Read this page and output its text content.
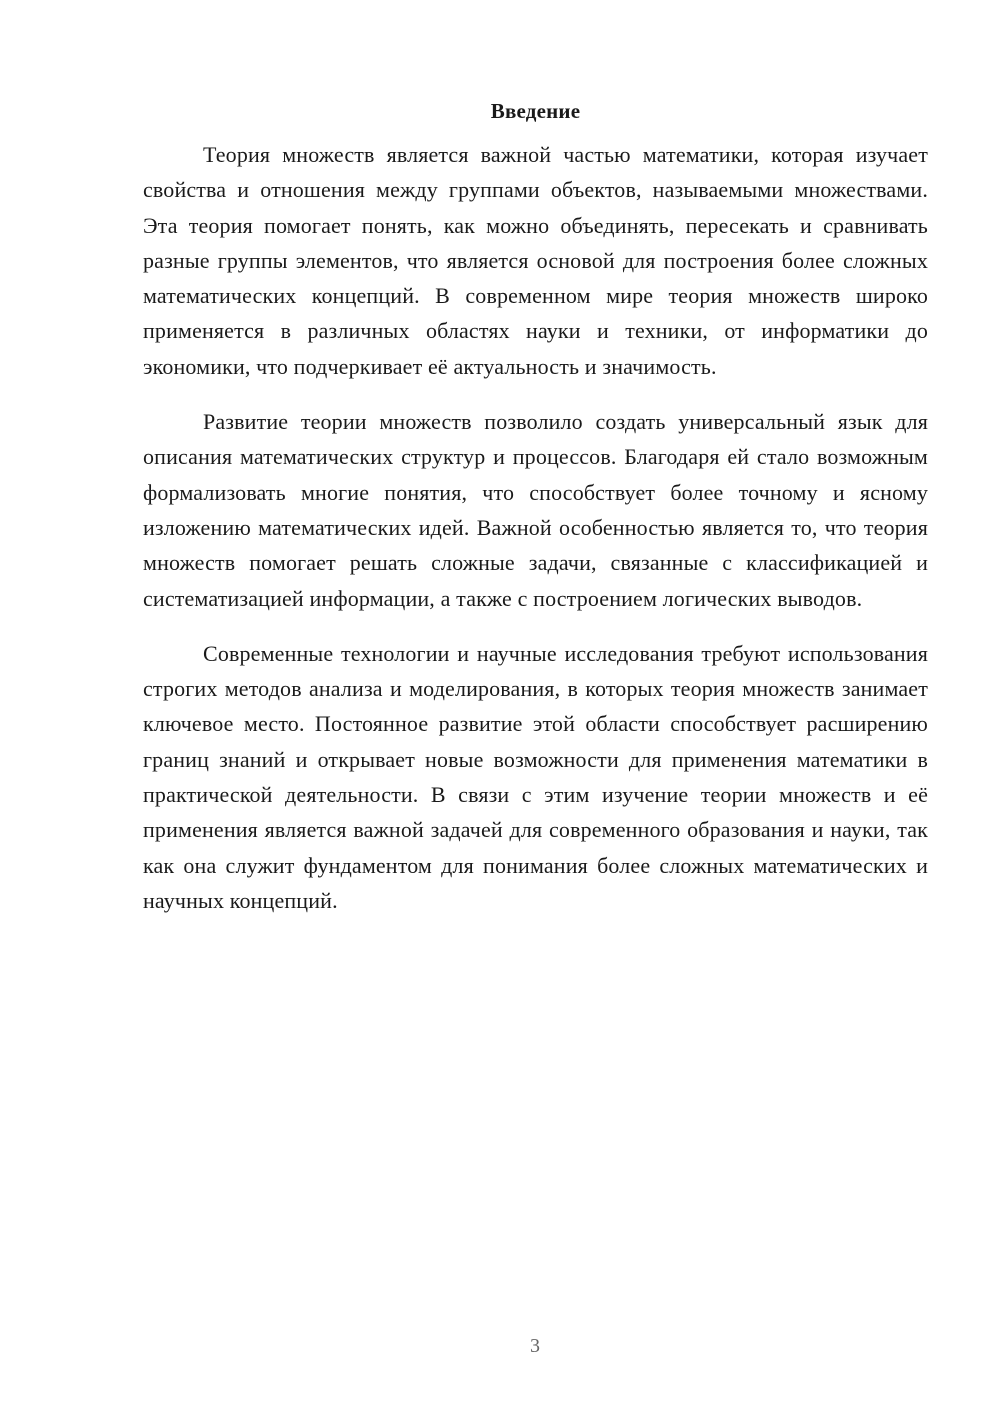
Введение

Теория множеств является важной частью математики, которая изучает свойства и отношения между группами объектов, называемыми множествами. Эта теория помогает понять, как можно объединять, пересекать и сравнивать разные группы элементов, что является основой для построения более сложных математических концепций. В современном мире теория множеств широко применяется в различных областях науки и техники, от информатики до экономики, что подчеркивает её актуальность и значимость.

Развитие теории множеств позволило создать универсальный язык для описания математических структур и процессов. Благодаря ей стало возможным формализовать многие понятия, что способствует более точному и ясному изложению математических идей. Важной особенностью является то, что теория множеств помогает решать сложные задачи, связанные с классификацией и систематизацией информации, а также с построением логических выводов.

Современные технологии и научные исследования требуют использования строгих методов анализа и моделирования, в которых теория множеств занимает ключевое место. Постоянное развитие этой области способствует расширению границ знаний и открывает новые возможности для применения математики в практической деятельности. В связи с этим изучение теории множеств и её применения является важной задачей для современного образования и науки, так как она служит фундаментом для понимания более сложных математических и научных концепций.

3
